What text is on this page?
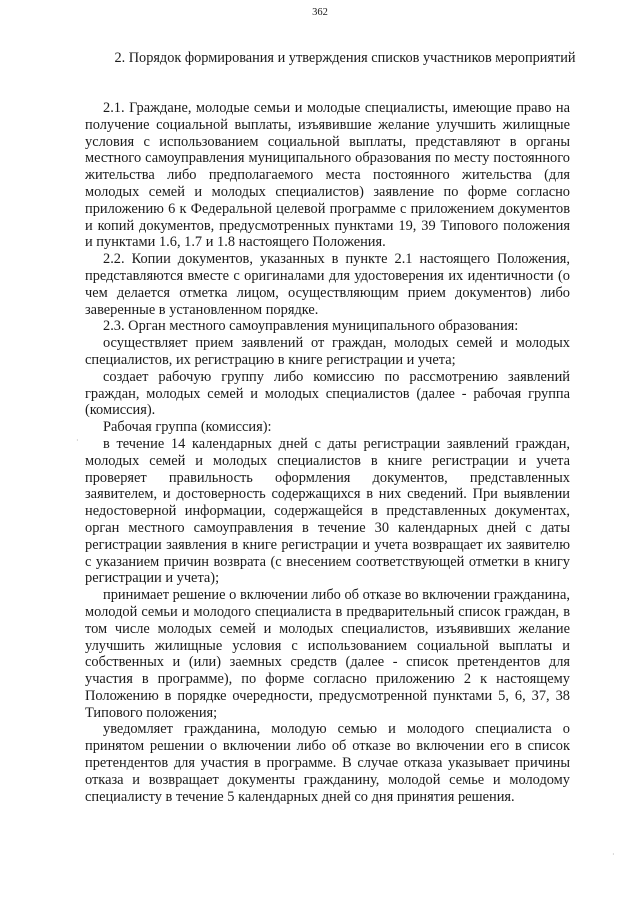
362
2. Порядок формирования и утверждения списков участников мероприятий

2.1. Граждане, молодые семьи и молодые специалисты, имеющие право на получение социальной выплаты, изъявившие желание улучшить жилищные условия с использованием социальной выплаты, представляют в органы местного самоуправления муниципального образования по месту постоянного жительства либо предполагаемого места постоянного жительства (для молодых семей и молодых специалистов) заявление по форме согласно приложению 6 к Федеральной целевой программе с приложением документов и копий документов, предусмотренных пунктами 19, 39 Типового положения и пунктами 1.6, 1.7 и 1.8 настоящего Положения.

2.2. Копии документов, указанных в пункте 2.1 настоящего Положения, представляются вместе с оригиналами для удостоверения их идентичности (о чем делается отметка лицом, осуществляющим прием документов) либо заверенные в установленном порядке.

2.3. Орган местного самоуправления муниципального образования:

осуществляет прием заявлений от граждан, молодых семей и молодых специалистов, их регистрацию в книге регистрации и учета;

создает рабочую группу либо комиссию по рассмотрению заявлений граждан, молодых семей и молодых специалистов (далее - рабочая группа (комиссия).

Рабочая группа (комиссия):

в течение 14 календарных дней с даты регистрации заявлений граждан, молодых семей и молодых специалистов в книге регистрации и учета проверяет правильность оформления документов, представленных заявителем, и достоверность содержащихся в них сведений. При выявлении недостоверной информации, содержащейся в представленных документах, орган местного самоуправления в течение 30 календарных дней с даты регистрации заявления в книге регистрации и учета возвращает их заявителю с указанием причин возврата (с внесением соответствующей отметки в книгу регистрации и учета);

принимает решение о включении либо об отказе во включении гражданина, молодой семьи и молодого специалиста в предварительный список граждан, в том числе молодых семей и молодых специалистов, изъявивших желание улучшить жилищные условия с использованием социальной выплаты и собственных и (или) заемных средств (далее - список претендентов для участия в программе), по форме согласно приложению 2 к настоящему Положению в порядке очередности, предусмотренной пунктами 5, 6, 37, 38 Типового положения;

уведомляет гражданина, молодую семью и молодого специалиста о принятом решении о включении либо об отказе во включении его в список претендентов для участия в программе. В случае отказа указывает причины отказа и возвращает документы гражданину, молодой семье и молодому специалисту в течение 5 календарных дней со дня принятия решения.

·
·
